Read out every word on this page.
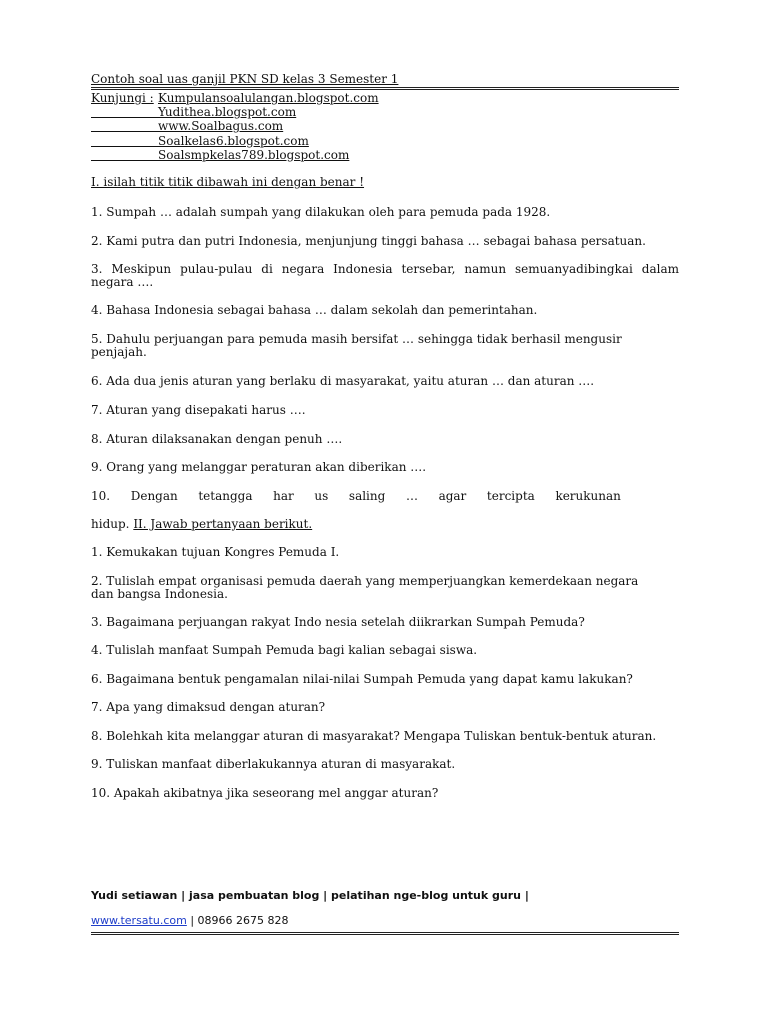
Contoh soal uas ganjil PKN SD kelas 3 Semester 1
Kunjungi : Kumpulansoalulangan.blogspot.com
Yudithea.blogspot.com
www.Soalbagus.com
Soalkelas6.blogspot.com
Soalsmpkelas789.blogspot.com
I. isilah titik titik dibawah ini dengan benar !
1. Sumpah … adalah sumpah yang dilakukan oleh para pemuda pada 1928.
2. Kami putra dan putri Indonesia, menjunjung tinggi bahasa … sebagai bahasa persatuan.
3. Meskipun pulau-pulau di negara Indonesia tersebar, namun semuanyadibingkai dalam negara ….
4. Bahasa Indonesia sebagai bahasa … dalam sekolah dan pemerintahan.
5. Dahulu perjuangan para pemuda masih bersifat … sehingga tidak berhasil mengusir penjajah.
6. Ada dua jenis aturan yang berlaku di masyarakat, yaitu aturan … dan aturan ….
7. Aturan yang disepakati harus ….
8. Aturan dilaksanakan dengan penuh ….
9. Orang yang melanggar peraturan akan diberikan ….
10. Dengan tetangga har us saling … agar tercipta kerukunan
hidup. II. Jawab pertanyaan berikut.
1. Kemukakan tujuan Kongres Pemuda I.
2. Tulislah empat organisasi pemuda daerah yang memperjuangkan kemerdekaan negara dan bangsa Indonesia.
3. Bagaimana perjuangan rakyat Indo nesia setelah diikrarkan Sumpah Pemuda?
4. Tulislah manfaat Sumpah Pemuda bagi kalian sebagai siswa.
6. Bagaimana bentuk pengamalan nilai-nilai Sumpah Pemuda yang dapat kamu lakukan?
7. Apa yang dimaksud dengan aturan?
8. Bolehkah kita melanggar aturan di masyarakat? Mengapa Tuliskan bentuk-bentuk aturan.
9. Tuliskan manfaat diberlakukannya aturan di masyarakat.
10. Apakah akibatnya jika seseorang mel anggar aturan?
Yudi setiawan | jasa pembuatan blog | pelatihan nge-blog untuk guru |
www.tersatu.com | 08966 2675 828
